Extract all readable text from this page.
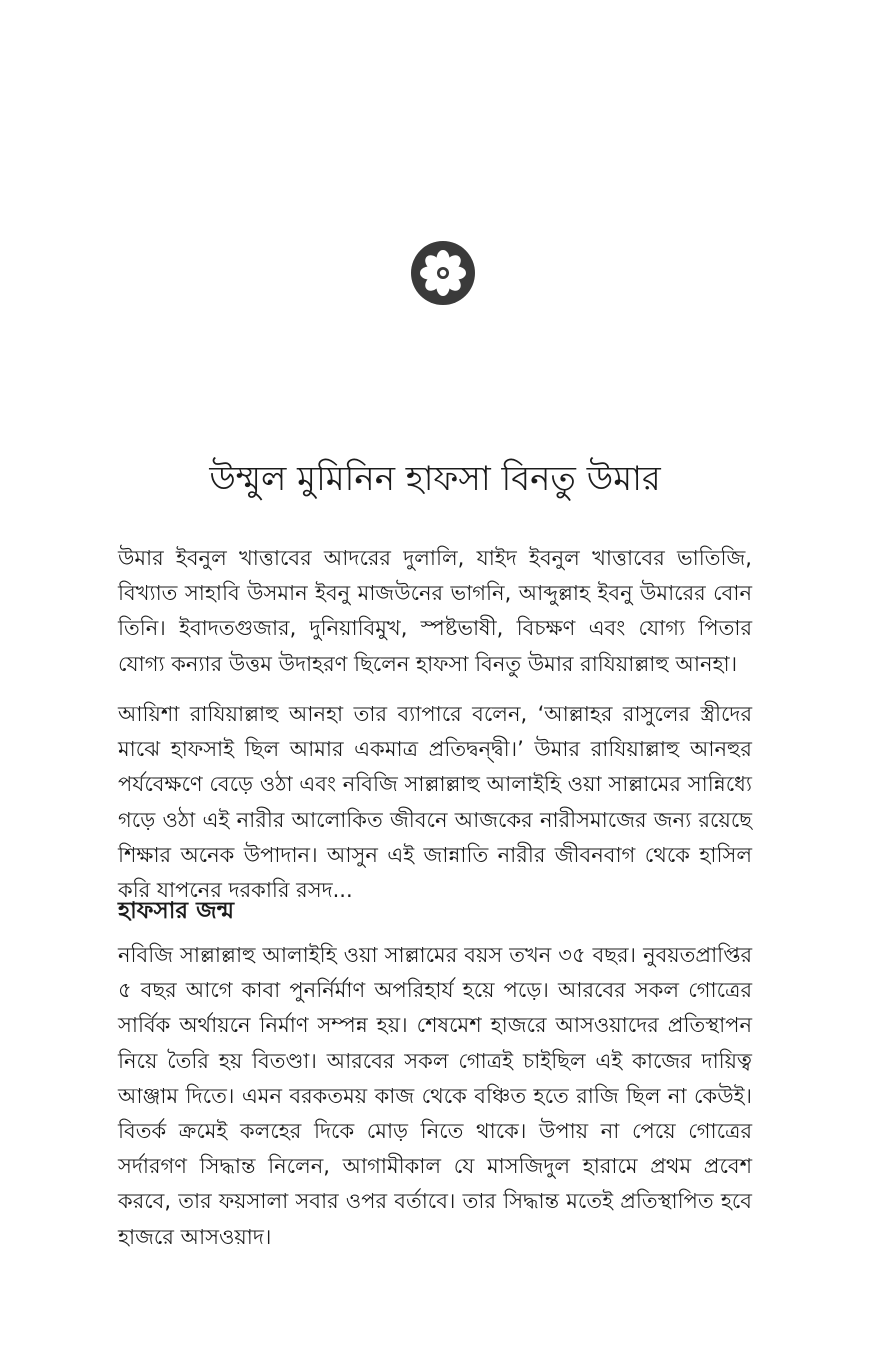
উম্মুল মুমিনিন হাফসা বিনতু উমার

উমার ইবনুল খাত্তাবের আদরের দুলালি, যাইদ ইবনুল খাত্তাবের ভাতিজি, বিখ্যাত সাহাবি উসমান ইবনু মাজউনের ভাগনি, আব্দুল্লাহ ইবনু উমারের বোন তিনি। ইবাদতগুজার, দুনিয়াবিমুখ, স্পষ্টভাষী, বিচক্ষণ এবং যোগ্য পিতার যোগ্য কন্যার উত্তম উদাহরণ ছিলেন হাফসা বিনতু উমার রাযিয়াল্লাহু আনহা।

আয়িশা রাযিয়াল্লাহু আনহা তার ব্যাপারে বলেন, ‘আল্লাহর রাসুলের স্ত্রীদের মাঝে হাফসাই ছিল আমার একমাত্র প্রতিদ্বন্দ্বী।’ উমার রাযিয়াল্লাহু আনহুর পর্যবেক্ষণে বেড়ে ওঠা এবং নবিজি সাল্লাল্লাহু আলাইহি ওয়া সাল্লামের সান্নিধ্যে গড়ে ওঠা এই নারীর আলোকিত জীবনে আজকের নারীসমাজের জন্য রয়েছে শিক্ষার অনেক উপাদান। আসুন এই জান্নাতি নারীর জীবনবাগ থেকে হাসিল করি যাপনের দরকারি রসদ...

হাফসার জন্ম

নবিজি সাল্লাল্লাহু আলাইহি ওয়া সাল্লামের বয়স তখন ৩৫ বছর। নুবয়তপ্রাপ্তির ৫ বছর আগে কাবা পুনর্নির্মাণ অপরিহার্য হয়ে পড়ে। আরবের সকল গোত্রের সার্বিক অর্থায়নে নির্মাণ সম্পন্ন হয়। শেষমেশ হাজরে আসওয়াদের প্রতিস্থাপন নিয়ে তৈরি হয় বিতণ্ডা। আরবের সকল গোত্রই চাইছিল এই কাজের দায়িত্ব আঞ্জাম দিতে। এমন বরকতময় কাজ থেকে বঞ্চিত হতে রাজি ছিল না কেউই। বিতর্ক ক্রমেই কলহের দিকে মোড় নিতে থাকে। উপায় না পেয়ে গোত্রের সর্দারগণ সিদ্ধান্ত নিলেন, আগামীকাল যে মাসজিদুল হারামে প্রথম প্রবেশ করবে, তার ফয়সালা সবার ওপর বর্তাবে। তার সিদ্ধান্ত মতেই প্রতিস্থাপিত হবে হাজরে আসওয়াদ।
